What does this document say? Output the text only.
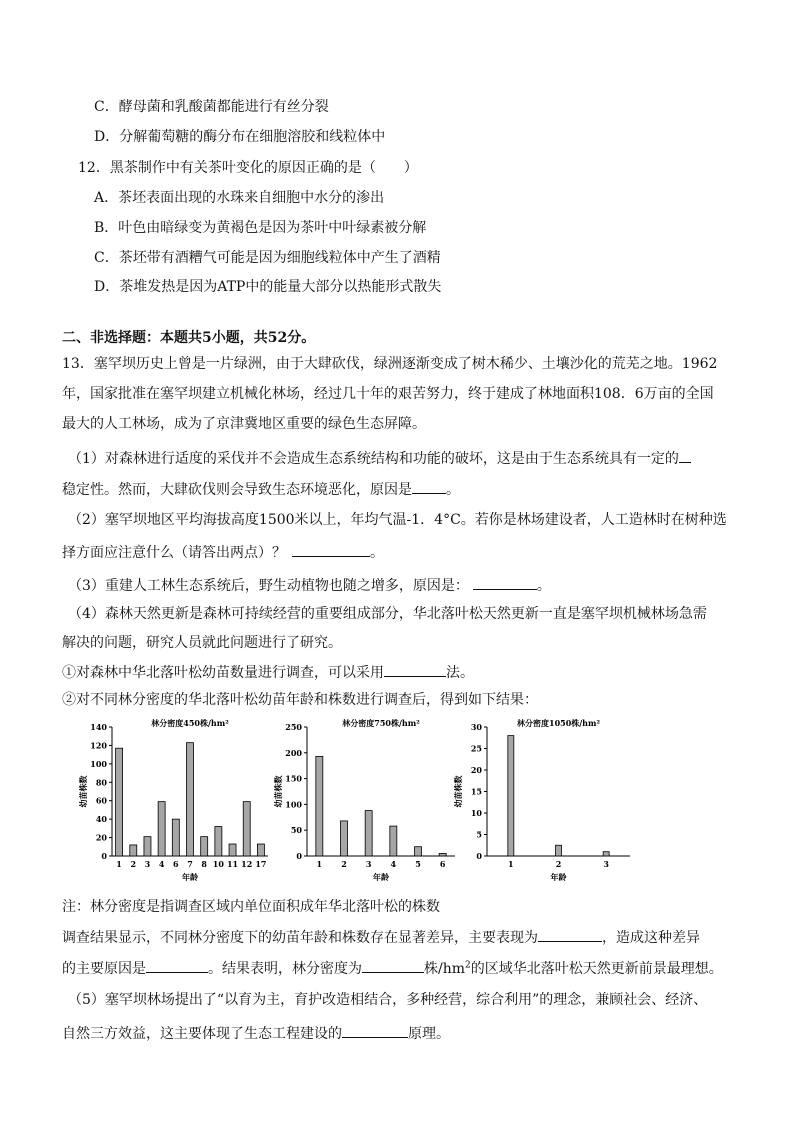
C．酵母菌和乳酸菌都能进行有丝分裂
D．分解葡萄糖的酶分布在细胞溶胶和线粒体中
12．黑茶制作中有关茶叶变化的原因正确的是（　　）
A．茶坯表面出现的水珠来自细胞中水分的渗出
B．叶色由暗绿变为黄褐色是因为茶叶中叶绿素被分解
C．茶坯带有酒糟气可能是因为细胞线粒体中产生了酒精
D．茶堆发热是因为ATP中的能量大部分以热能形式散失
二、非选择题：本题共5小题，共52分。
13．塞罕坝历史上曾是一片绿洲，由于大肆砍伐，绿洲逐渐变成了树木稀少、土壤沙化的荒芜之地。1962
年，国家批准在塞罕坝建立机械化林场，经过几十年的艰苦努力，终于建成了林地面积108．6万亩的全国
最大的人工林场，成为了京津冀地区重要的绿色生态屏障。
（1）对森林进行适度的采伐并不会造成生态系统结构和功能的破坏，这是由于生态系统具有一定的
稳定性。然而，大肆砍伐则会导致生态环境恶化，原因是 。
（2）塞罕坝地区平均海拔高度1500米以上，年均气温-1．4°C。若你是林场建设者，人工造林时在树种选
择方面应注意什么（请答出两点）？	。
（3）重建人工林生态系统后，野生动植物也随之增多，原因是：	。
（4）森林天然更新是森林可持续经营的重要组成部分，华北落叶松天然更新一直是塞罕坝机械林场急需
解决的问题，研究人员就此问题进行了研究。
①对森林中华北落叶松幼苗数量进行调查，可以采用	法。
②对不同林分密度的华北落叶松幼苗年龄和株数进行调查后，得到如下结果：
林分密度450株/hm²
0
20
40
60
80
100
120
140
幼苗株数
1 2 3 4 6 7 8 10 11 12 17
年龄
林分密度750株/hm²
0
50
100
150
200
250
幼苗株数
1 2 3 4 5 6
年龄
林分密度1050株/hm²
0
5
10
15
20
25
30
幼苗株数
1	2	3
年龄
注：林分密度是指调查区域内单位面积成年华北落叶松的株数
调查结果显示，不同林分密度下的幼苗年龄和株数存在显著差异，主要表现为	，造成这种差异
的主要原因是	。结果表明，林分密度为	株$/hm^2$的区域华北落叶松天然更新前景最理想。
（5）塞罕坝林场提出了“以育为主，育护改造相结合，多种经营，综合利用”的理念，兼顾社会、经济、
自然三方效益，这主要体现了生态工程建设的	原理。
